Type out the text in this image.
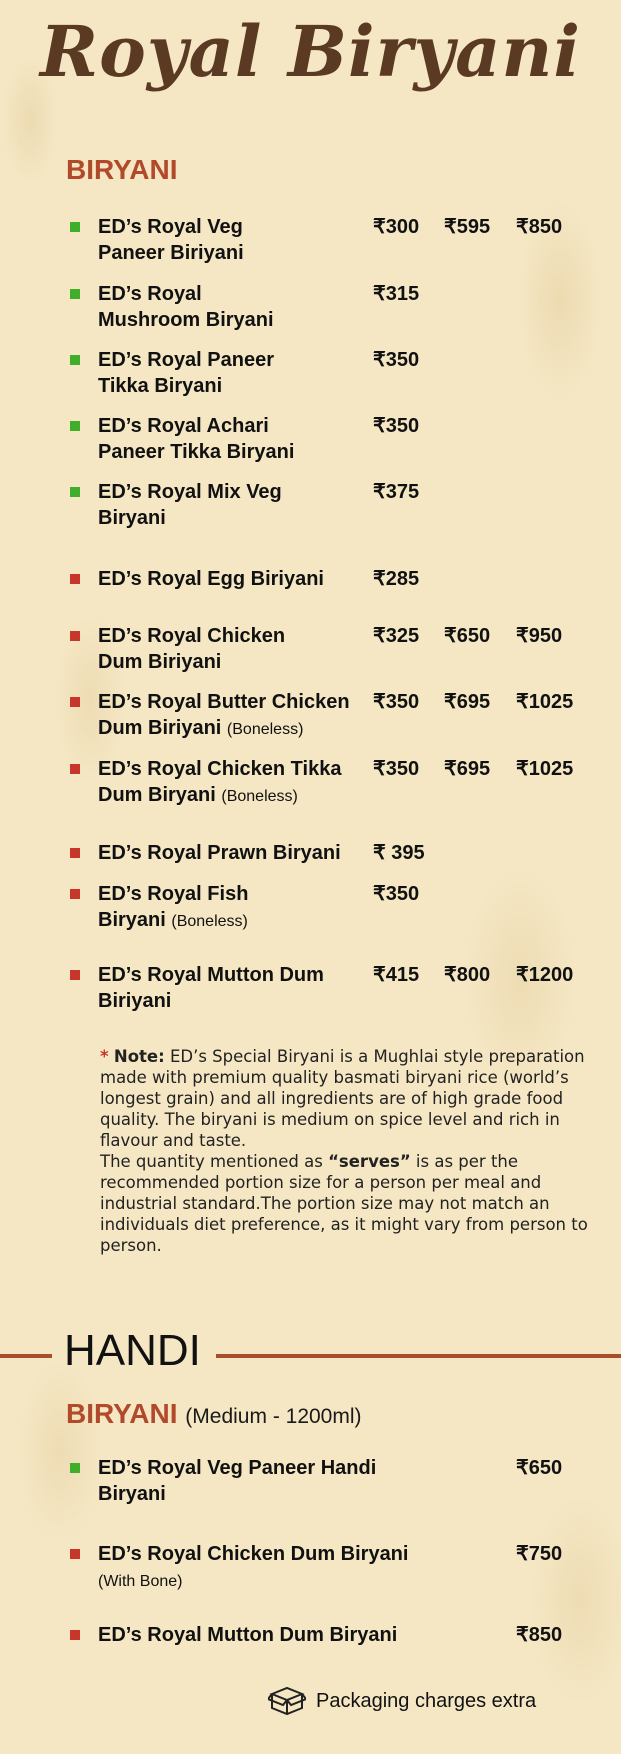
Royal Biryani
BIRYANI
ED’s Royal Veg
Paneer Biriyani
₹300 ₹595 ₹850
ED’s Royal
Mushroom Biryani
₹315
ED’s Royal Paneer
Tikka Biryani
₹350
ED’s Royal Achari
Paneer Tikka Biryani
₹350
ED’s Royal Mix Veg
Biryani
₹375
ED’s Royal Egg Biriyani ₹285
ED’s Royal Chicken
Dum Biriyani
₹325 ₹650 ₹950
ED’s Royal Butter Chicken
Dum Biriyani (Boneless)
₹350 ₹695 ₹1025
ED’s Royal Chicken Tikka
Dum Biryani (Boneless)
₹350 ₹695 ₹1025
ED’s Royal Prawn Biryani ₹ 395
ED’s Royal Fish
Biryani (Boneless)
₹350
ED’s Royal Mutton Dum
Biriyani
₹415 ₹800 ₹1200
* Note: ED’s Special Biryani is a Mughlai style preparation made with premium quality basmati biryani rice (world’s longest grain) and all ingredients are of high grade food quality. The biryani is medium on spice level and rich in flavour and taste.
The quantity mentioned as “serves” is as per the recommended portion size for a person per meal and industrial standard.The portion size may not match an individuals diet preference, as it might vary from person to person.
HANDI
BIRYANI (Medium - 1200ml)
ED’s Royal Veg Paneer Handi
Biryani
₹650
ED’s Royal Chicken Dum Biryani
(With Bone)
₹750
ED’s Royal Mutton Dum Biryani	₹850
Packaging charges extra
